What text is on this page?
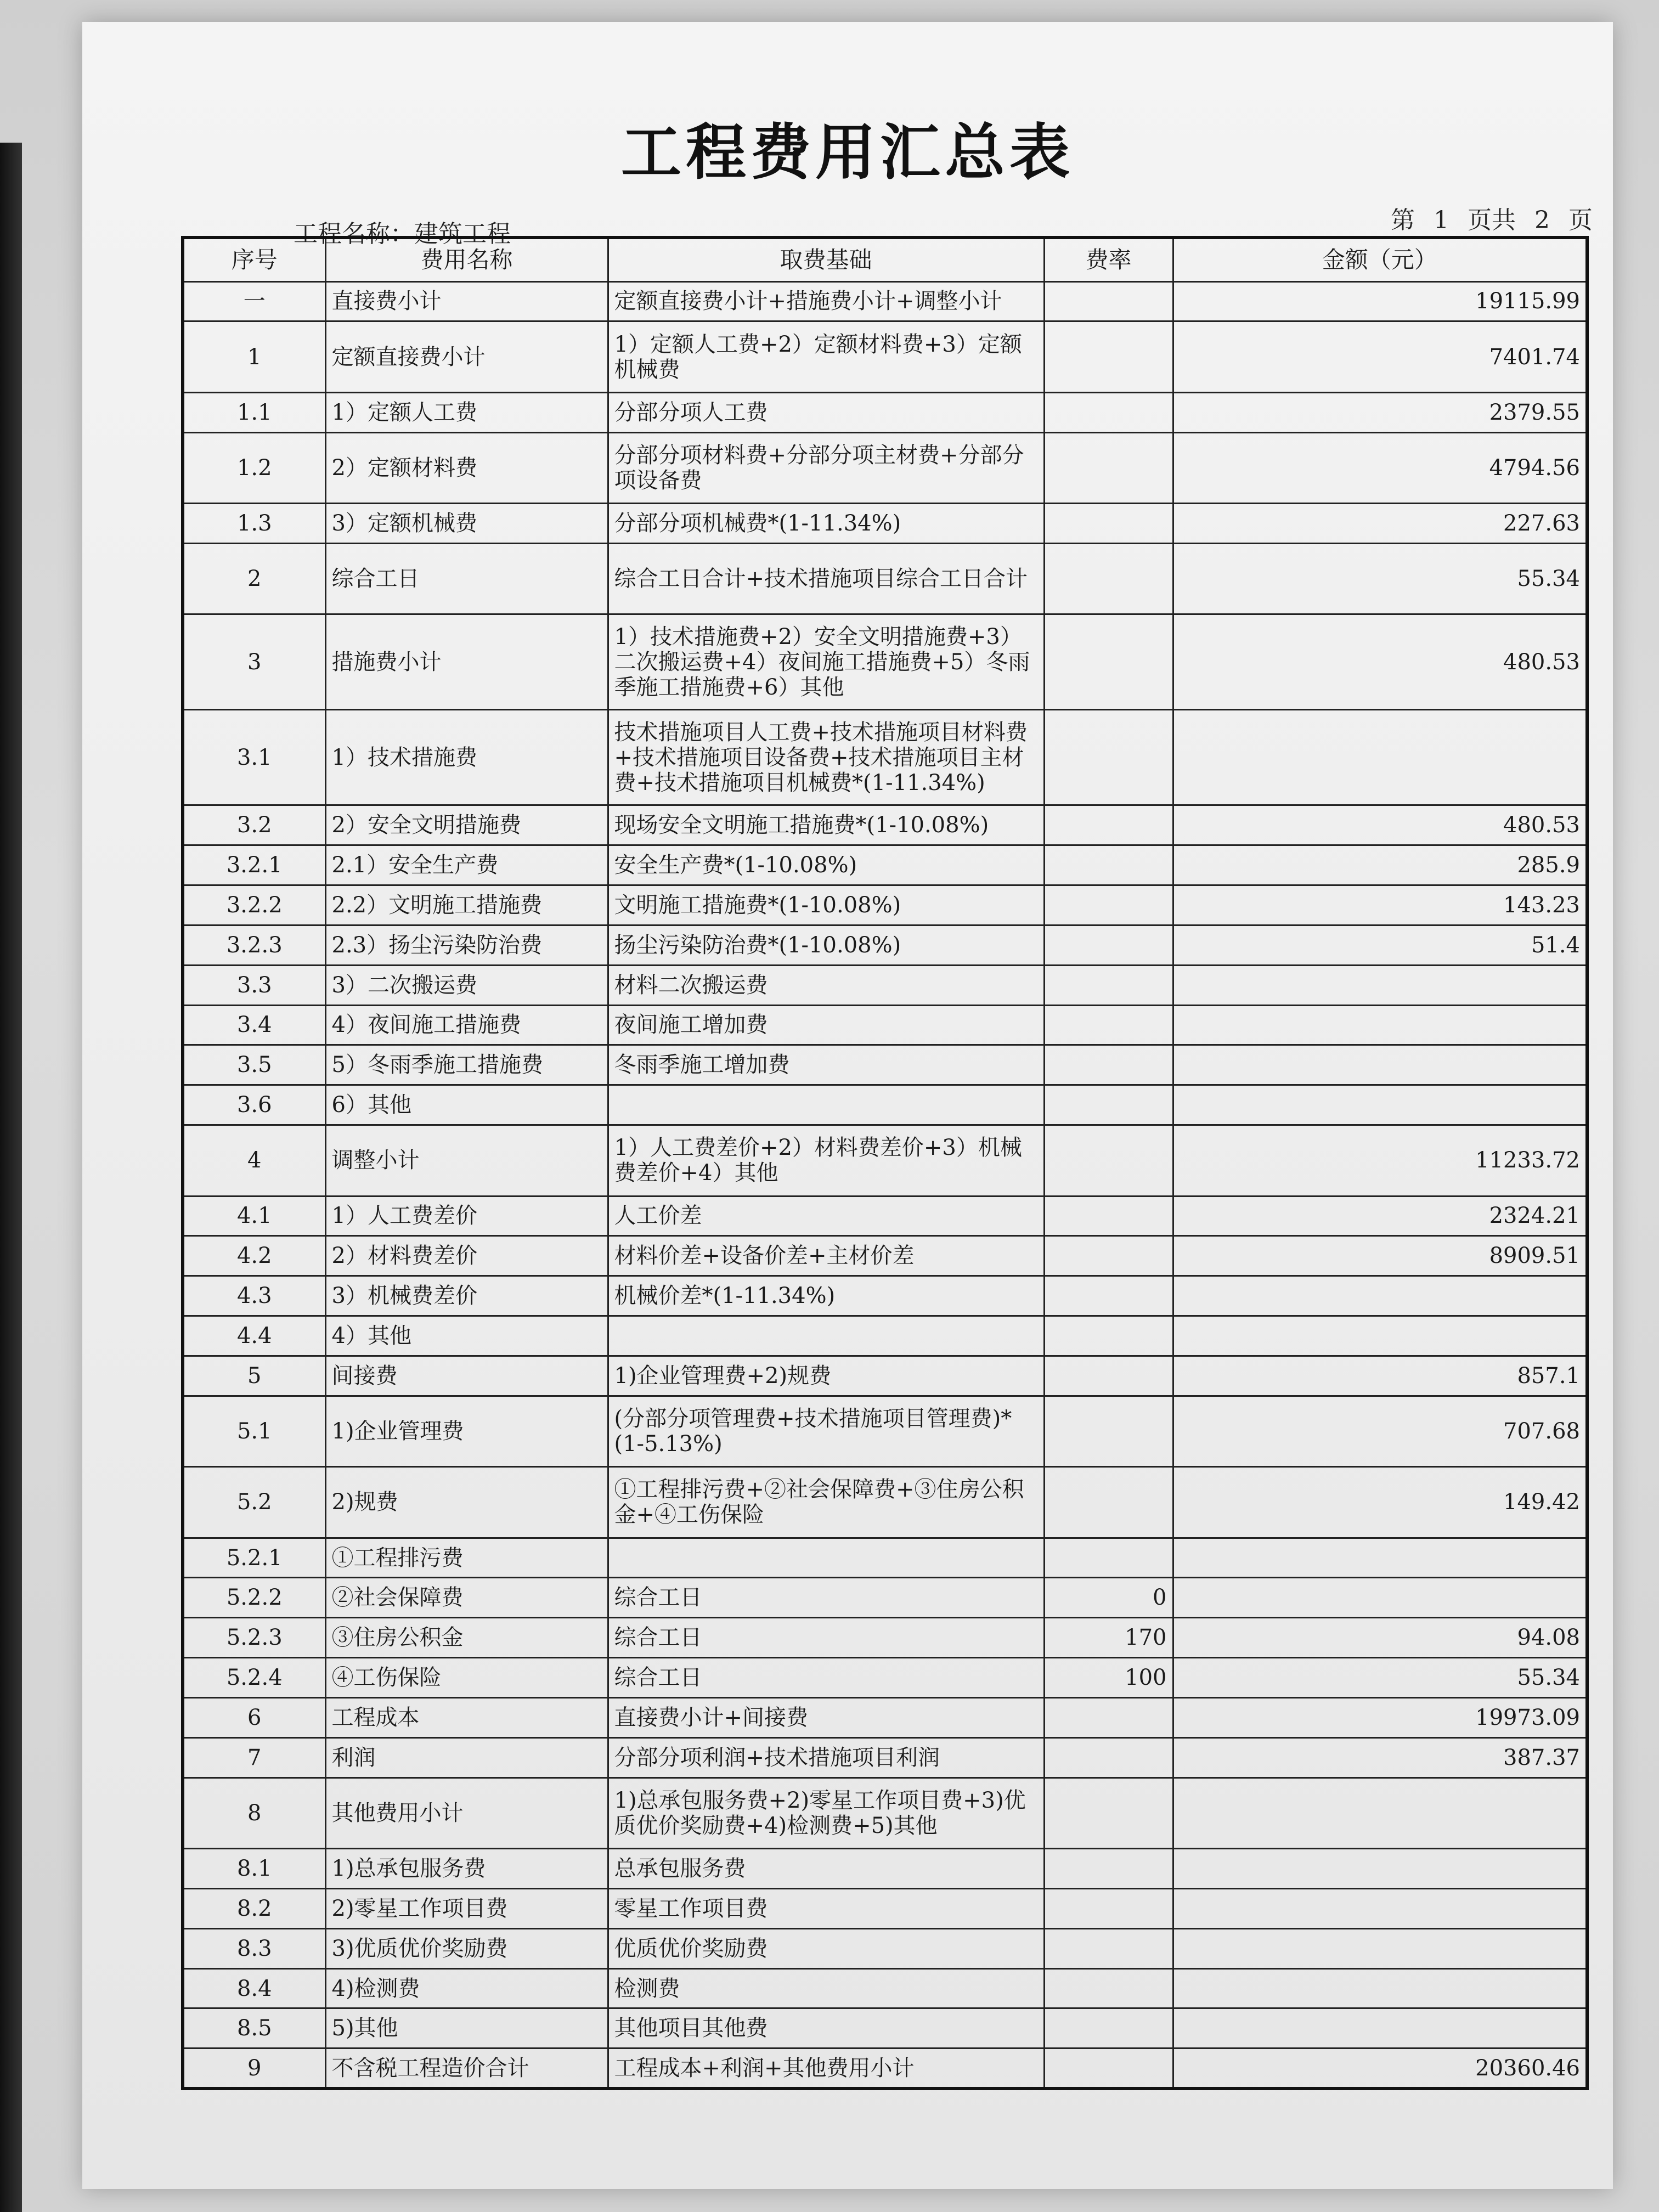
工程费用汇总表
工程名称：建筑工程	第 1 页共 2 页
序号	费用名称	取费基础	费率	金额（元）
一	直接费小计	定额直接费小计+措施费小计+调整小计		19115.99
1	定额直接费小计	1）定额人工费+2）定额材料费+3）定额机械费		7401.74
1.1	1）定额人工费	分部分项人工费		2379.55
1.2	2）定额材料费	分部分项材料费+分部分项主材费+分部分项设备费		4794.56
1.3	3）定额机械费	分部分项机械费*(1-11.34%)		227.63
2	综合工日	综合工日合计+技术措施项目综合工日合计		55.34
3	措施费小计	1）技术措施费+2）安全文明措施费+3）二次搬运费+4）夜间施工措施费+5）冬雨季施工措施费+6）其他		480.53
3.1	1）技术措施费	技术措施项目人工费+技术措施项目材料费+技术措施项目设备费+技术措施项目主材费+技术措施项目机械费*(1-11.34%)		
3.2	2）安全文明措施费	现场安全文明施工措施费*(1-10.08%)		480.53
3.2.1	2.1）安全生产费	安全生产费*(1-10.08%)		285.9
3.2.2	2.2）文明施工措施费	文明施工措施费*(1-10.08%)		143.23
3.2.3	2.3）扬尘污染防治费	扬尘污染防治费*(1-10.08%)		51.4
3.3	3）二次搬运费	材料二次搬运费		
3.4	4）夜间施工措施费	夜间施工增加费		
3.5	5）冬雨季施工措施费	冬雨季施工增加费		
3.6	6）其他			
4	调整小计	1）人工费差价+2）材料费差价+3）机械费差价+4）其他		11233.72
4.1	1）人工费差价	人工价差		2324.21
4.2	2）材料费差价	材料价差+设备价差+主材价差		8909.51
4.3	3）机械费差价	机械价差*(1-11.34%)		
4.4	4）其他			
5	间接费	1)企业管理费+2)规费		857.1
5.1	1)企业管理费	(分部分项管理费+技术措施项目管理费)*(1-5.13%)		707.68
5.2	2)规费	①工程排污费+②社会保障费+③住房公积金+④工伤保险		149.42
5.2.1	①工程排污费			
5.2.2	②社会保障费	综合工日	0	
5.2.3	③住房公积金	综合工日	170	94.08
5.2.4	④工伤保险	综合工日	100	55.34
6	工程成本	直接费小计+间接费		19973.09
7	利润	分部分项利润+技术措施项目利润		387.37
8	其他费用小计	1)总承包服务费+2)零星工作项目费+3)优质优价奖励费+4)检测费+5)其他		
8.1	1)总承包服务费	总承包服务费		
8.2	2)零星工作项目费	零星工作项目费		
8.3	3)优质优价奖励费	优质优价奖励费		
8.4	4)检测费	检测费		
8.5	5)其他	其他项目其他费		
9	不含税工程造价合计	工程成本+利润+其他费用小计		20360.46
